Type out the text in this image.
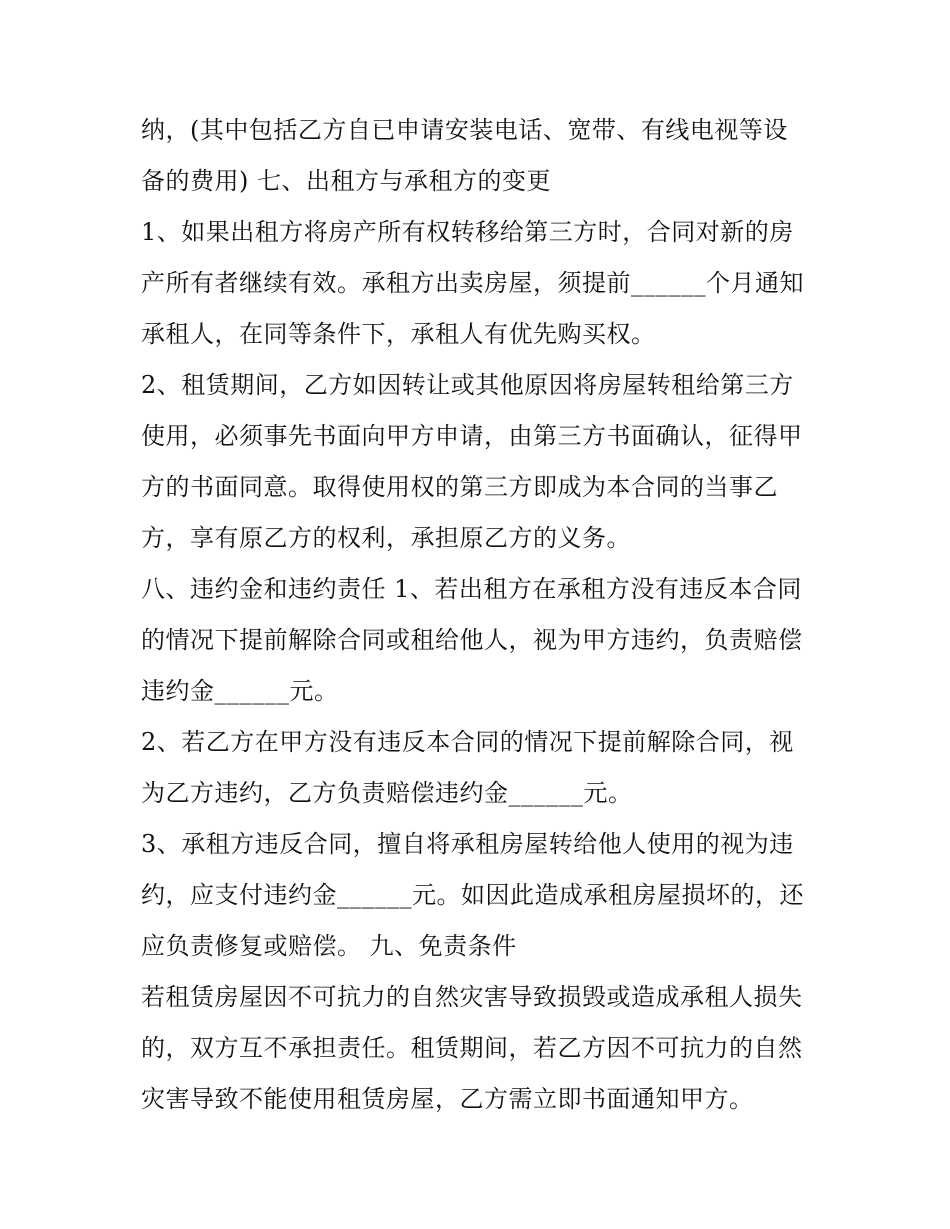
纳，(其中包括乙方自已申请安装电话、宽带、有线电视等设
备的费用) 七、出租方与承租方的变更
1、如果出租方将房产所有权转移给第三方时，合同对新的房
产所有者继续有效。承租方出卖房屋，须提前______个月通知
承租人，在同等条件下，承租人有优先购买权。
2、租赁期间，乙方如因转让或其他原因将房屋转租给第三方
使用，必须事先书面向甲方申请，由第三方书面确认，征得甲
方的书面同意。取得使用权的第三方即成为本合同的当事乙
方，享有原乙方的权利，承担原乙方的义务。
八、违约金和违约责任 1、若出租方在承租方没有违反本合同
的情况下提前解除合同或租给他人，视为甲方违约，负责赔偿
违约金______元。
2、若乙方在甲方没有违反本合同的情况下提前解除合同，视
为乙方违约，乙方负责赔偿违约金______元。
3、承租方违反合同，擅自将承租房屋转给他人使用的视为违
约，应支付违约金______元。如因此造成承租房屋损坏的，还
应负责修复或赔偿。 九、免责条件
若租赁房屋因不可抗力的自然灾害导致损毁或造成承租人损失
的，双方互不承担责任。租赁期间，若乙方因不可抗力的自然
灾害导致不能使用租赁房屋，乙方需立即书面通知甲方。
